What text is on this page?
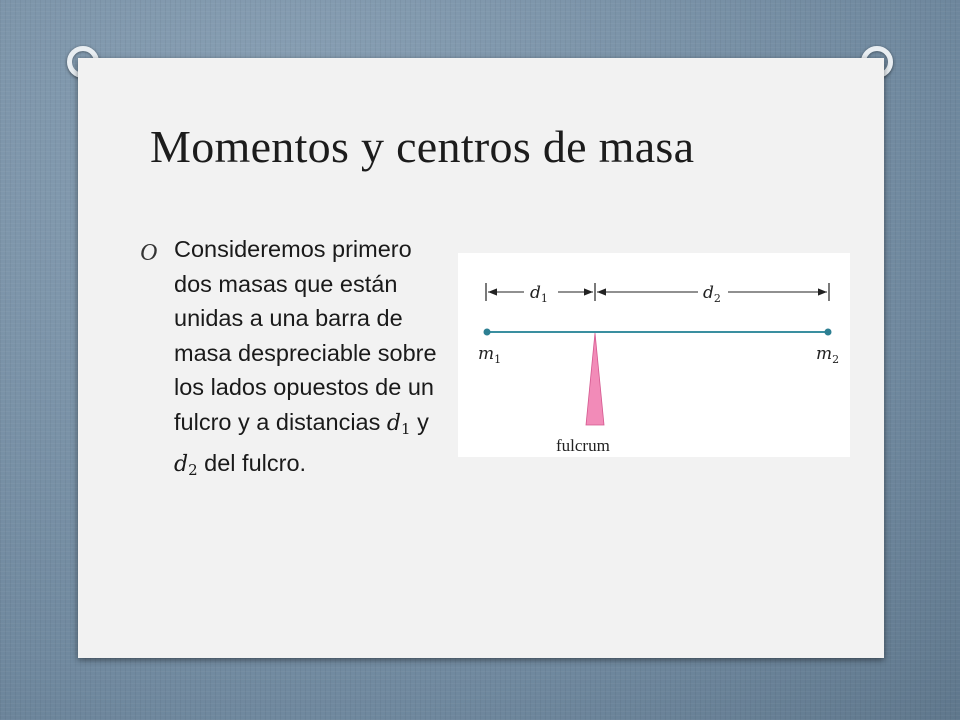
Momentos y centros de masa
O Consideremos primero dos masas que están unidas a una barra de masa despreciable sobre los lados opuestos de un fulcro y a distancias d1 y d2 del fulcro.

$d_1$	$d_2$
$m_1$	$m_2$
fulcrum
